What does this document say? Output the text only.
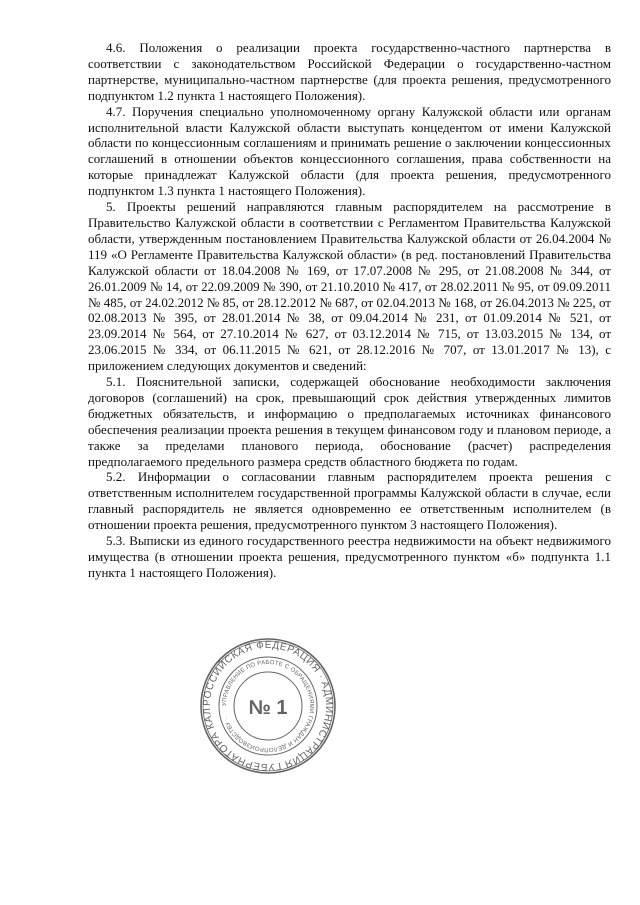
4.6. Положения о реализации проекта государственно-частного партнерства в соответствии с законодательством Российской Федерации о государственно-частном партнерстве, муниципально-частном партнерстве (для проекта решения, предусмотренного подпунктом 1.2 пункта 1 настоящего Положения).

4.7. Поручения специально уполномоченному органу Калужской области или органам исполнительной власти Калужской области выступать концедентом от имени Калужской области по концессионным соглашениям и принимать решение о заключении концессионных соглашений в отношении объектов концессионного соглашения, права собственности на которые принадлежат Калужской области (для проекта решения, предусмотренного подпунктом 1.3 пункта 1 настоящего Положения).

5. Проекты решений направляются главным распорядителем на рассмотрение в Правительство Калужской области в соответствии с Регламентом Правительства Калужской области, утвержденным постановлением Правительства Калужской области от 26.04.2004 № 119 «О Регламенте Правительства Калужской области» (в ред. постановлений Правительства Калужской области от 18.04.2008 № 169, от 17.07.2008 № 295, от 21.08.2008 № 344, от 26.01.2009 № 14, от 22.09.2009 № 390, от 21.10.2010 № 417, от 28.02.2011 № 95, от 09.09.2011 № 485, от 24.02.2012 № 85, от 28.12.2012 № 687, от 02.04.2013 № 168, от 26.04.2013 № 225, от 02.08.2013 № 395, от 28.01.2014 № 38, от 09.04.2014 № 231, от 01.09.2014 № 521, от 23.09.2014 № 564, от 27.10.2014 № 627, от 03.12.2014 № 715, от 13.03.2015 № 134, от 23.06.2015 № 334, от 06.11.2015 № 621, от 28.12.2016 № 707, от 13.01.2017 № 13), с приложением следующих документов и сведений:

5.1. Пояснительной записки, содержащей обоснование необходимости заключения договоров (соглашений) на срок, превышающий срок действия утвержденных лимитов бюджетных обязательств, и информацию о предполагаемых источниках финансового обеспечения реализации проекта решения в текущем финансовом году и плановом периоде, а также за пределами планового периода, обоснование (расчет) распределения предполагаемого предельного размера средств областного бюджета по годам.

5.2. Информации о согласовании главным распорядителем проекта решения с ответственным исполнителем государственной программы Калужской области в случае, если главный распорядитель не является одновременно ее ответственным исполнителем (в отношении проекта решения, предусмотренного пунктом 3 настоящего Положения).

5.3. Выписки из единого государственного реестра недвижимости на объект недвижимого имущества (в отношении проекта решения, предусмотренного пунктом «б» подпункта 1.1 пункта 1 настоящего Положения).

РОССИЙСКАЯ ФЕДЕРАЦИЯ · АДМИНИСТРАЦИЯ ГУБЕРНАТОРА КАЛ
УПРАВЛЕНИЕ ПО РАБОТЕ С ОБРАЩЕНИЯМИ ГРАЖДАН И ДЕЛОПРОИЗВОДСТВУ · № 1
